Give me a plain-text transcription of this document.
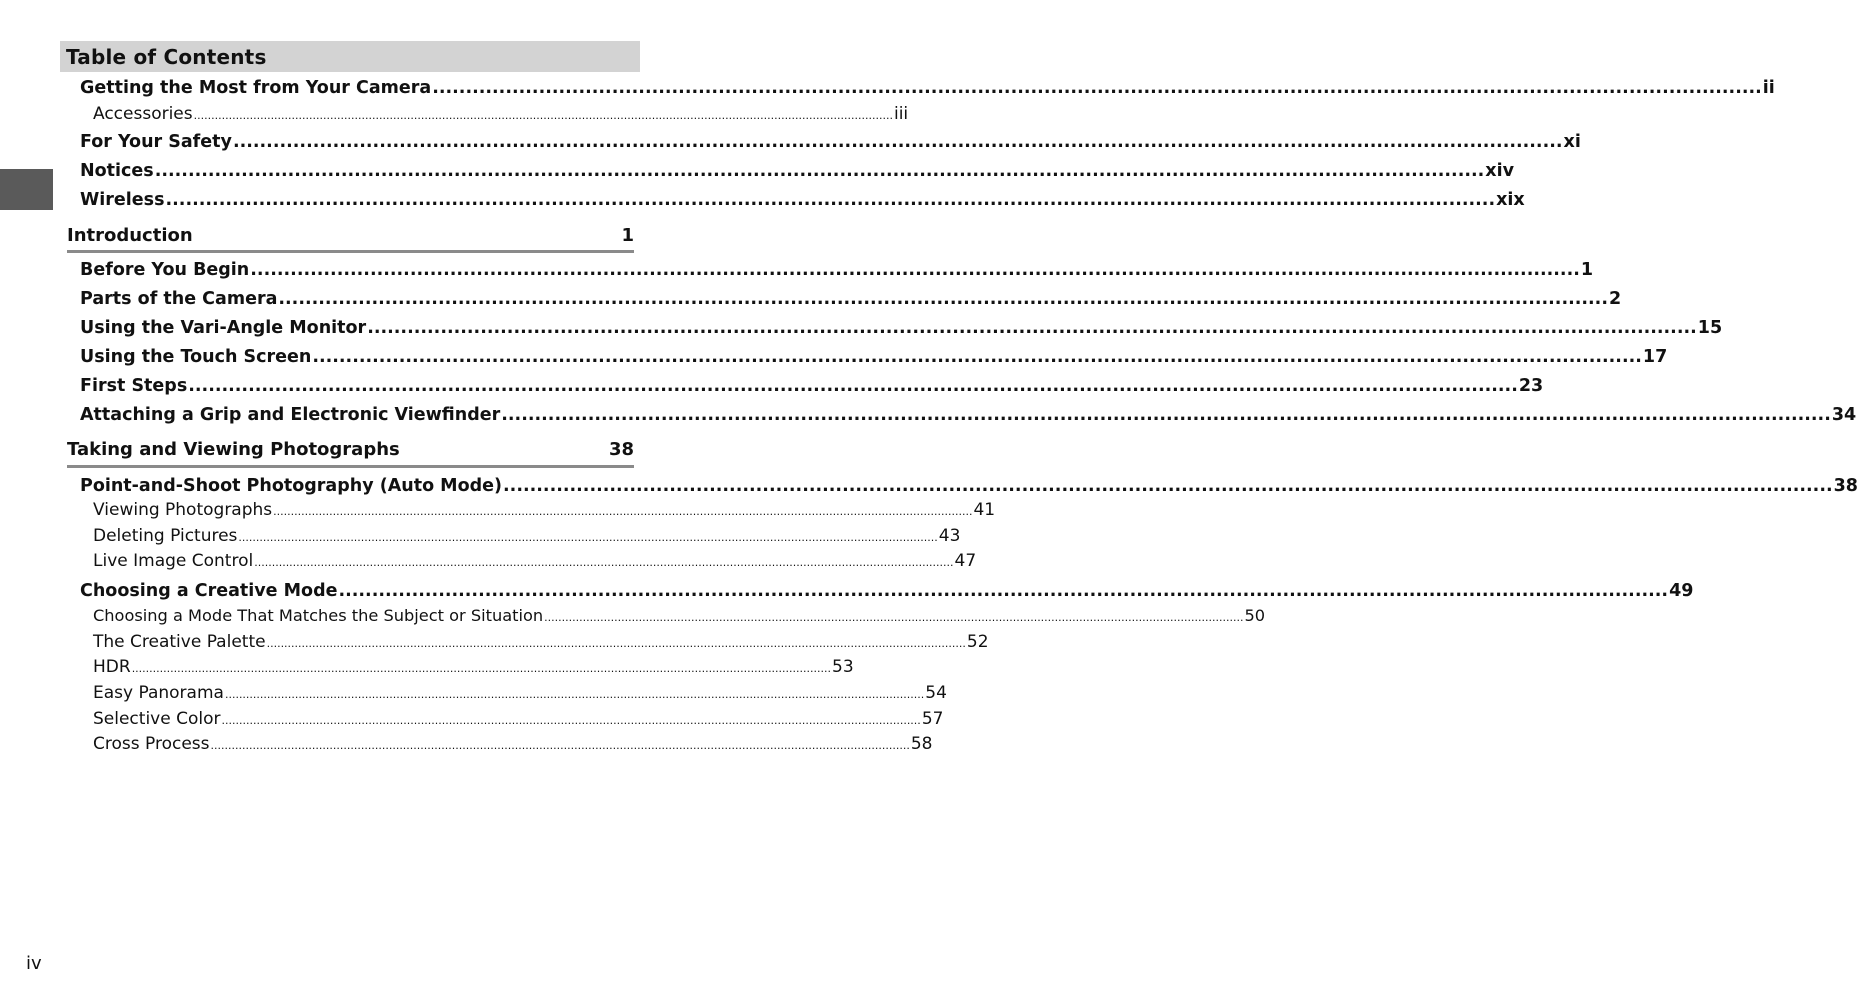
Table of Contents
Getting the Most from Your Camera ........................................................................................................................................................................................................ ii
Accessories ........................................................................................................................................................................................................ iii
For Your Safety ........................................................................................................................................................................................................ xi
Notices ........................................................................................................................................................................................................ xiv
Wireless ........................................................................................................................................................................................................ xix
Introduction	1
Before You Begin ........................................................................................................................................................................................................ 1
Parts of the Camera ........................................................................................................................................................................................................ 2
Using the Vari-Angle Monitor ........................................................................................................................................................................................................ 15
Using the Touch Screen ........................................................................................................................................................................................................ 17
First Steps ........................................................................................................................................................................................................ 23
Attaching a Grip and Electronic Viewfinder ........................................................................................................................................................................................................ 34
Taking and Viewing Photographs	38
Point-and-Shoot Photography (Auto Mode) ........................................................................................................................................................................................................ 38
Viewing Photographs ........................................................................................................................................................................................................ 41
Deleting Pictures ........................................................................................................................................................................................................ 43
Live Image Control ........................................................................................................................................................................................................ 47
Choosing a Creative Mode ........................................................................................................................................................................................................ 49
Choosing a Mode That Matches the Subject or Situation ........................................................................................................................................................................................................ 50
The Creative Palette ........................................................................................................................................................................................................ 52
HDR ........................................................................................................................................................................................................ 53
Easy Panorama ........................................................................................................................................................................................................ 54
Selective Color ........................................................................................................................................................................................................ 57
Cross Process ........................................................................................................................................................................................................ 58
iv
